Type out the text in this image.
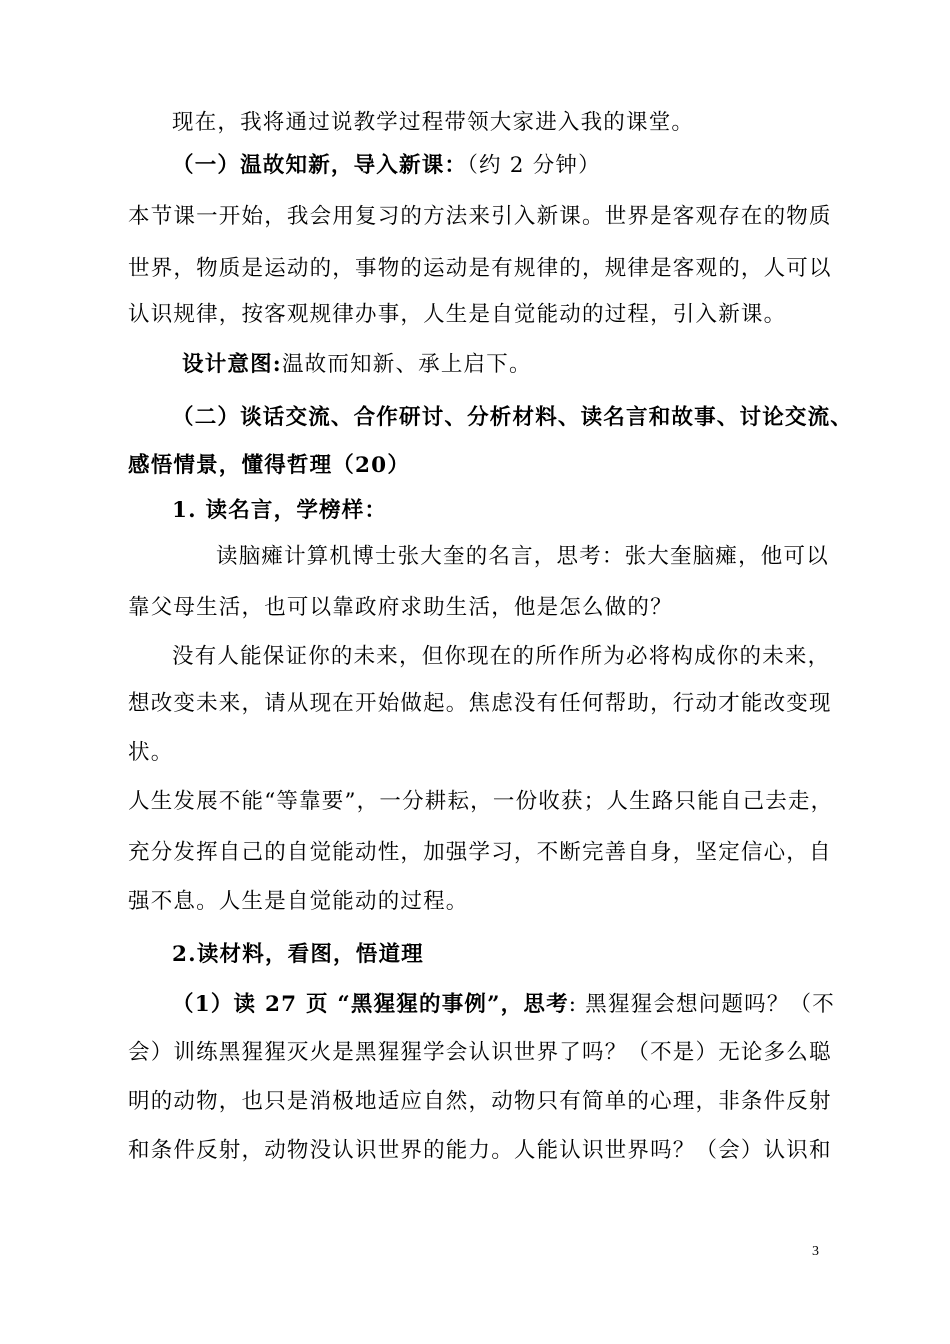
现在，我将通过说教学过程带领大家进入我的课堂。
（一）温故知新，导入新课：（约 2 分钟）
本节课一开始，我会用复习的方法来引入新课。世界是客观存在的物质
世界，物质是运动的，事物的运动是有规律的，规律是客观的，人可以
认识规律，按客观规律办事，人生是自觉能动的过程，引入新课。
设计意图:温故而知新、承上启下。
（二）谈话交流、合作研讨、分析材料、读名言和故事、讨论交流、
感悟情景，懂得哲理（20）
1. 读名言，学榜样：
读脑瘫计算机博士张大奎的名言，思考：张大奎脑瘫，他可以
靠父母生活，也可以靠政府求助生活，他是怎么做的？
没有人能保证你的未来，但你现在的所作所为必将构成你的未来，
想改变未来，请从现在开始做起。焦虑没有任何帮助，行动才能改变现
状。
人生发展不能“等靠要”，一分耕耘，一份收获；人生路只能自己去走，
充分发挥自己的自觉能动性，加强学习，不断完善自身，坚定信心，自
强不息。人生是自觉能动的过程。
2.读材料，看图，悟道理
（1）读 27 页 “黑猩猩的事例”，思考: 黑猩猩会想问题吗？（不
会）训练黑猩猩灭火是黑猩猩学会认识世界了吗？（不是）无论多么聪
明的动物，也只是消极地适应自然，动物只有简单的心理，非条件反射
和条件反射，动物没认识世界的能力。人能认识世界吗？（会）认识和
3
